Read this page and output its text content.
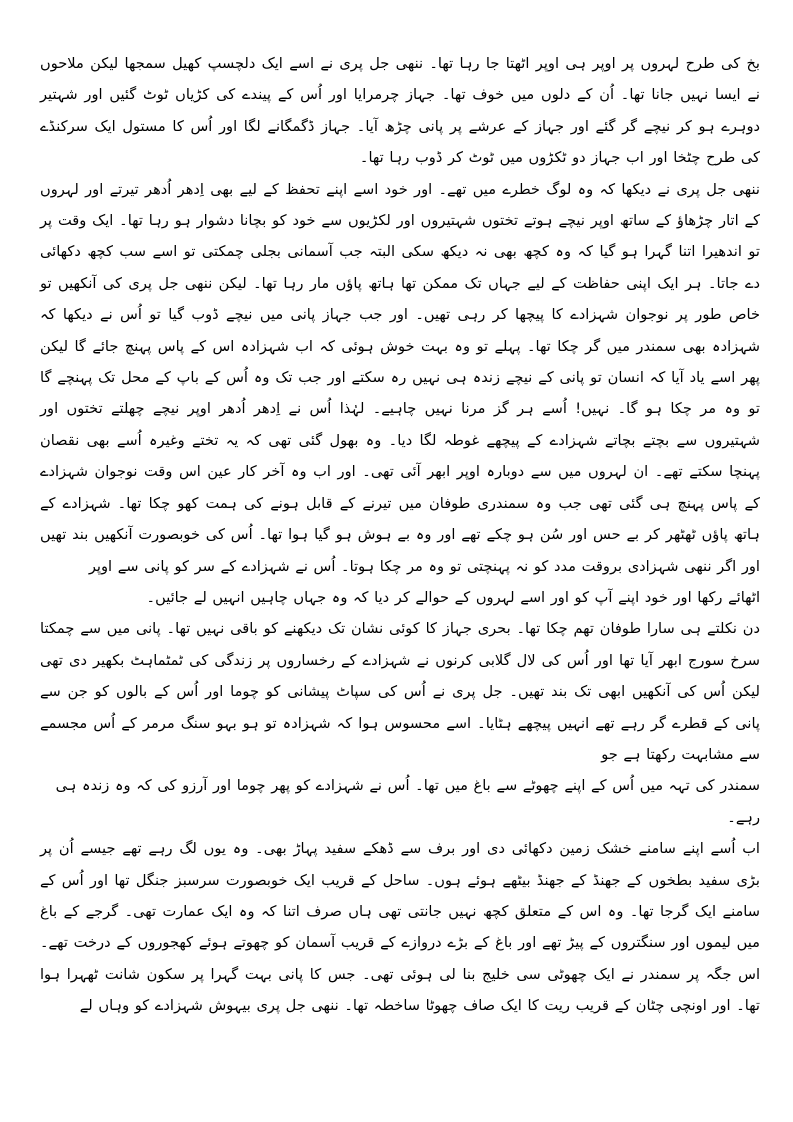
بخ کی طرح لہروں پر اوپر ہی اوپر اٹھتا جا رہا تھا۔ ننھی جل پری نے اسے ایک دلچسپ کھیل سمجھا لیکن ملاحوں نے ایسا نہیں جانا تھا۔ اُن کے دلوں میں خوف تھا۔ جہاز چرمرایا اور اُس کے پیندے کی کڑیاں ٹوٹ گئیں اور شہتیر دوہرے ہو کر نیچے گر گئے اور جہاز کے عرشے پر پانی چڑھ آیا۔ جہاز ڈگمگانے لگا اور اُس کا مستول ایک سرکنڈے کی طرح چٹخا اور اب جہاز دو ٹکڑوں میں ٹوٹ کر ڈوب رہا تھا۔

ننھی جل پری نے دیکھا کہ وہ لوگ خطرے میں تھے۔ اور خود اسے اپنے تحفظ کے لیے بھی اِدھر اُدھر تیرتے اور لہروں کے اتار چڑھاؤ کے ساتھ اوپر نیچے ہوتے تختوں شہتیروں اور لکڑیوں سے خود کو بچانا دشوار ہو رہا تھا۔ ایک وقت پر تو اندھیرا اتنا گہرا ہو گیا کہ وہ کچھ بھی نہ دیکھ سکی البتہ جب آسمانی بجلی چمکتی تو اسے سب کچھ دکھائی دے جاتا۔ ہر ایک اپنی حفاظت کے لیے جہاں تک ممکن تھا ہاتھ پاؤں مار رہا تھا۔ لیکن ننھی جل پری کی آنکھیں تو خاص طور پر نوجوان شہزادے کا پیچھا کر رہی تھیں۔ اور جب جہاز پانی میں نیچے ڈوب گیا تو اُس نے دیکھا کہ شہزادہ بھی سمندر میں گر چکا تھا۔ پہلے تو وہ بہت خوش ہوئی کہ اب شہزادہ اس کے پاس پہنچ جائے گا لیکن پھر اسے یاد آیا کہ انسان تو پانی کے نیچے زندہ ہی نہیں رہ سکتے اور جب تک وہ اُس کے باپ کے محل تک پہنچے گا تو وہ مر چکا ہو گا۔ نہیں! اُسے ہر گز مرنا نہیں چاہیے۔ لہٰذا اُس نے اِدھر اُدھر اوپر نیچے چھلتے تختوں اور شہتیروں سے بچتے بچاتے شہزادے کے پیچھے غوطہ لگا دیا۔ وہ بھول گئی تھی کہ یہ تختے وغیرہ اُسے بھی نقصان پہنچا سکتے تھے۔ ان لہروں میں سے دوبارہ اوپر ابھر آئی تھی۔ اور اب وہ آخر کار عین اس وقت نوجوان شہزادے کے پاس پہنچ ہی گئی تھی جب وہ سمندری طوفان میں تیرنے کے قابل ہونے کی ہمت کھو چکا تھا۔ شہزادے کے ہاتھ پاؤں ٹھٹھر کر بے حس اور سُن ہو چکے تھے اور وہ بے ہوش ہو گیا ہوا تھا۔ اُس کی خوبصورت آنکھیں بند تھیں اور اگر ننھی شہزادی بروقت مدد کو نہ پہنچتی تو وہ مر چکا ہوتا۔ اُس نے شہزادے کے سر کو پانی سے اوپر

اٹھائے رکھا اور خود اپنے آپ کو اور اسے لہروں کے حوالے کر دیا کہ وہ جہاں چاہیں انہیں لے جائیں۔

دن نکلتے ہی سارا طوفان تھم چکا تھا۔ بحری جہاز کا کوئی نشان تک دیکھنے کو باقی نہیں تھا۔ پانی میں سے چمکتا سرخ سورج ابھر آیا تھا اور اُس کی لال گلابی کرنوں نے شہزادے کے رخساروں پر زندگی کی ٹمٹماہٹ بکھیر دی تھی لیکن اُس کی آنکھیں ابھی تک بند تھیں۔ جل پری نے اُس کی سپاٹ پیشانی کو چوما اور اُس کے بالوں کو جن سے پانی کے قطرے گر رہے تھے انہیں پیچھے ہٹایا۔ اسے محسوس ہوا کہ شہزادہ تو ہو بہو سنگ مرمر کے اُس مجسمے سے مشابہت رکھتا ہے جو

سمندر کی تہہ میں اُس کے اپنے چھوٹے سے باغ میں تھا۔ اُس نے شہزادے کو پھر چوما اور آرزو کی کہ وہ زندہ ہی رہے۔

اب اُسے اپنے سامنے خشک زمین دکھائی دی اور برف سے ڈھکے سفید پہاڑ بھی۔ وہ یوں لگ رہے تھے جیسے اُن پر بڑی سفید بطخوں کے جھنڈ کے جھنڈ بیٹھے ہوئے ہوں۔ ساحل کے قریب ایک خوبصورت سرسبز جنگل تھا اور اُس کے سامنے ایک گرجا تھا۔ وہ اس کے متعلق کچھ نہیں جانتی تھی ہاں صرف اتنا کہ وہ ایک عمارت تھی۔ گرجے کے باغ میں لیموں اور سنگتروں کے پیڑ تھے اور باغ کے بڑے دروازے کے قریب آسمان کو چھوتے ہوئے کھجوروں کے درخت تھے۔ اس جگہ پر سمندر نے ایک چھوٹی سی خلیج بنا لی ہوئی تھی۔ جس کا پانی بہت گہرا پر سکون شانت ٹھہرا ہوا تھا۔ اور اونچی چٹان کے قریب ریت کا ایک صاف چھوٹا ساخطہ تھا۔ ننھی جل پری بیہوش شہزادے کو وہاں لے
